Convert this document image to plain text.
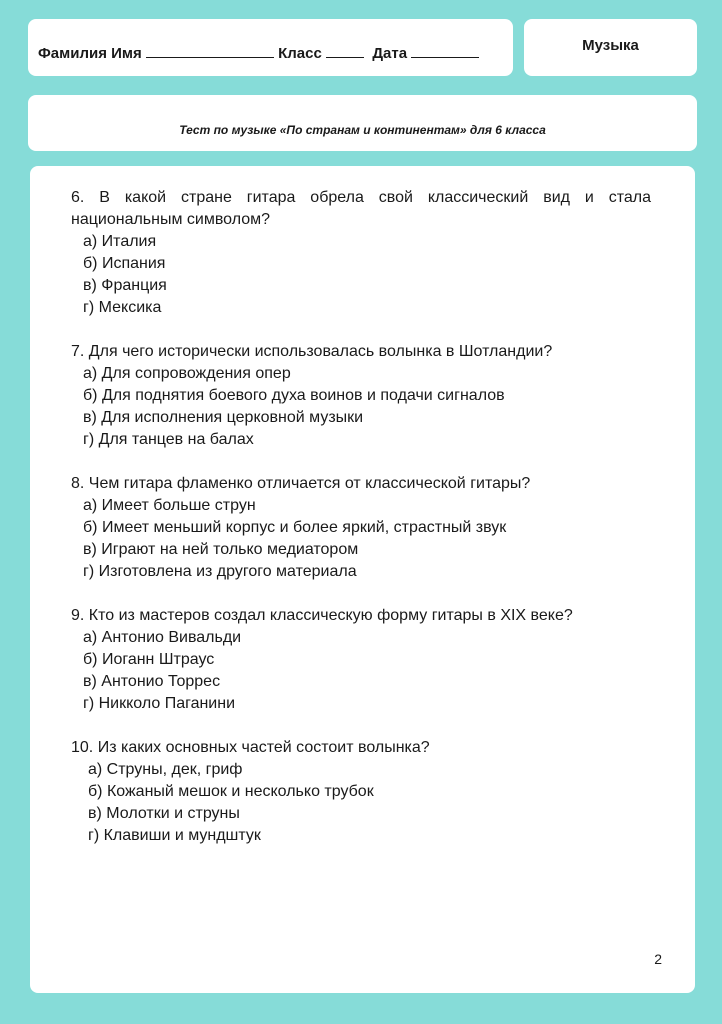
Фамилия Имя	Класс	Дата	Музыка
Тест по музыке «По странам и континентам» для 6 класса
6. В какой стране гитара обрела свой классический вид и стала национальным символом?
а) Италия
б) Испания
в) Франция
г) Мексика
7. Для чего исторически использовалась волынка в Шотландии?
а) Для сопровождения опер
б) Для поднятия боевого духа воинов и подачи сигналов
в) Для исполнения церковной музыки
г) Для танцев на балах
8. Чем гитара фламенко отличается от классической гитары?
а) Имеет больше струн
б) Имеет меньший корпус и более яркий, страстный звук
в) Играют на ней только медиатором
г) Изготовлена из другого материала
9. Кто из мастеров создал классическую форму гитары в XIX веке?
а) Антонио Вивальди
б) Иоганн Штраус
в) Антонио Торрес
г) Никколо Паганини
10. Из каких основных частей состоит волынка?
а) Струны, дек, гриф
б) Кожаный мешок и несколько трубок
в) Молотки и струны
г) Клавиши и мундштук
2
